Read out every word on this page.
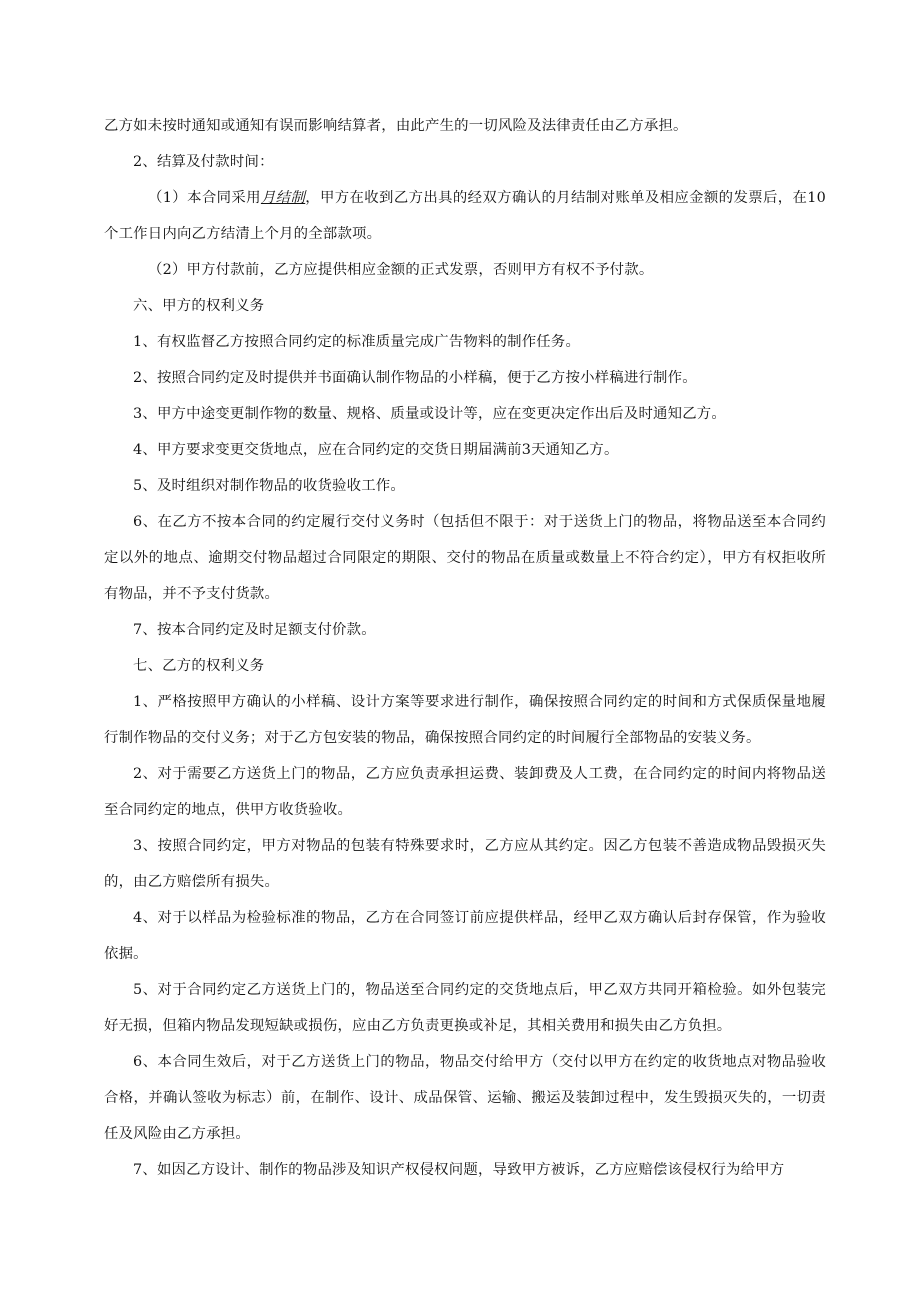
乙方如未按时通知或通知有误而影响结算者，由此产生的一切风险及法律责任由乙方承担。

2、结算及付款时间：

（1）本合同采用月结制，甲方在收到乙方出具的经双方确认的月结制对账单及相应金额的发票后，在10个工作日内向乙方结清上个月的全部款项。

（2）甲方付款前，乙方应提供相应金额的正式发票，否则甲方有权不予付款。

六、甲方的权利义务

1、有权监督乙方按照合同约定的标准质量完成广告物料的制作任务。

2、按照合同约定及时提供并书面确认制作物品的小样稿，便于乙方按小样稿进行制作。

3、甲方中途变更制作物的数量、规格、质量或设计等，应在变更决定作出后及时通知乙方。

4、甲方要求变更交货地点，应在合同约定的交货日期届满前3天通知乙方。

5、及时组织对制作物品的收货验收工作。

6、在乙方不按本合同的约定履行交付义务时（包括但不限于：对于送货上门的物品，将物品送至本合同约定以外的地点、逾期交付物品超过合同限定的期限、交付的物品在质量或数量上不符合约定），甲方有权拒收所有物品，并不予支付货款。

7、按本合同约定及时足额支付价款。

七、乙方的权利义务

1、严格按照甲方确认的小样稿、设计方案等要求进行制作，确保按照合同约定的时间和方式保质保量地履行制作物品的交付义务；对于乙方包安装的物品，确保按照合同约定的时间履行全部物品的安装义务。

2、对于需要乙方送货上门的物品，乙方应负责承担运费、装卸费及人工费，在合同约定的时间内将物品送至合同约定的地点，供甲方收货验收。

3、按照合同约定，甲方对物品的包装有特殊要求时，乙方应从其约定。因乙方包装不善造成物品毁损灭失的，由乙方赔偿所有损失。

4、对于以样品为检验标准的物品，乙方在合同签订前应提供样品，经甲乙双方确认后封存保管，作为验收依据。

5、对于合同约定乙方送货上门的，物品送至合同约定的交货地点后，甲乙双方共同开箱检验。如外包装完好无损，但箱内物品发现短缺或损伤，应由乙方负责更换或补足，其相关费用和损失由乙方负担。

6、本合同生效后，对于乙方送货上门的物品，物品交付给甲方（交付以甲方在约定的收货地点对物品验收合格，并确认签收为标志）前，在制作、设计、成品保管、运输、搬运及装卸过程中，发生毁损灭失的，一切责任及风险由乙方承担。

7、如因乙方设计、制作的物品涉及知识产权侵权问题，导致甲方被诉，乙方应赔偿该侵权行为给甲方
